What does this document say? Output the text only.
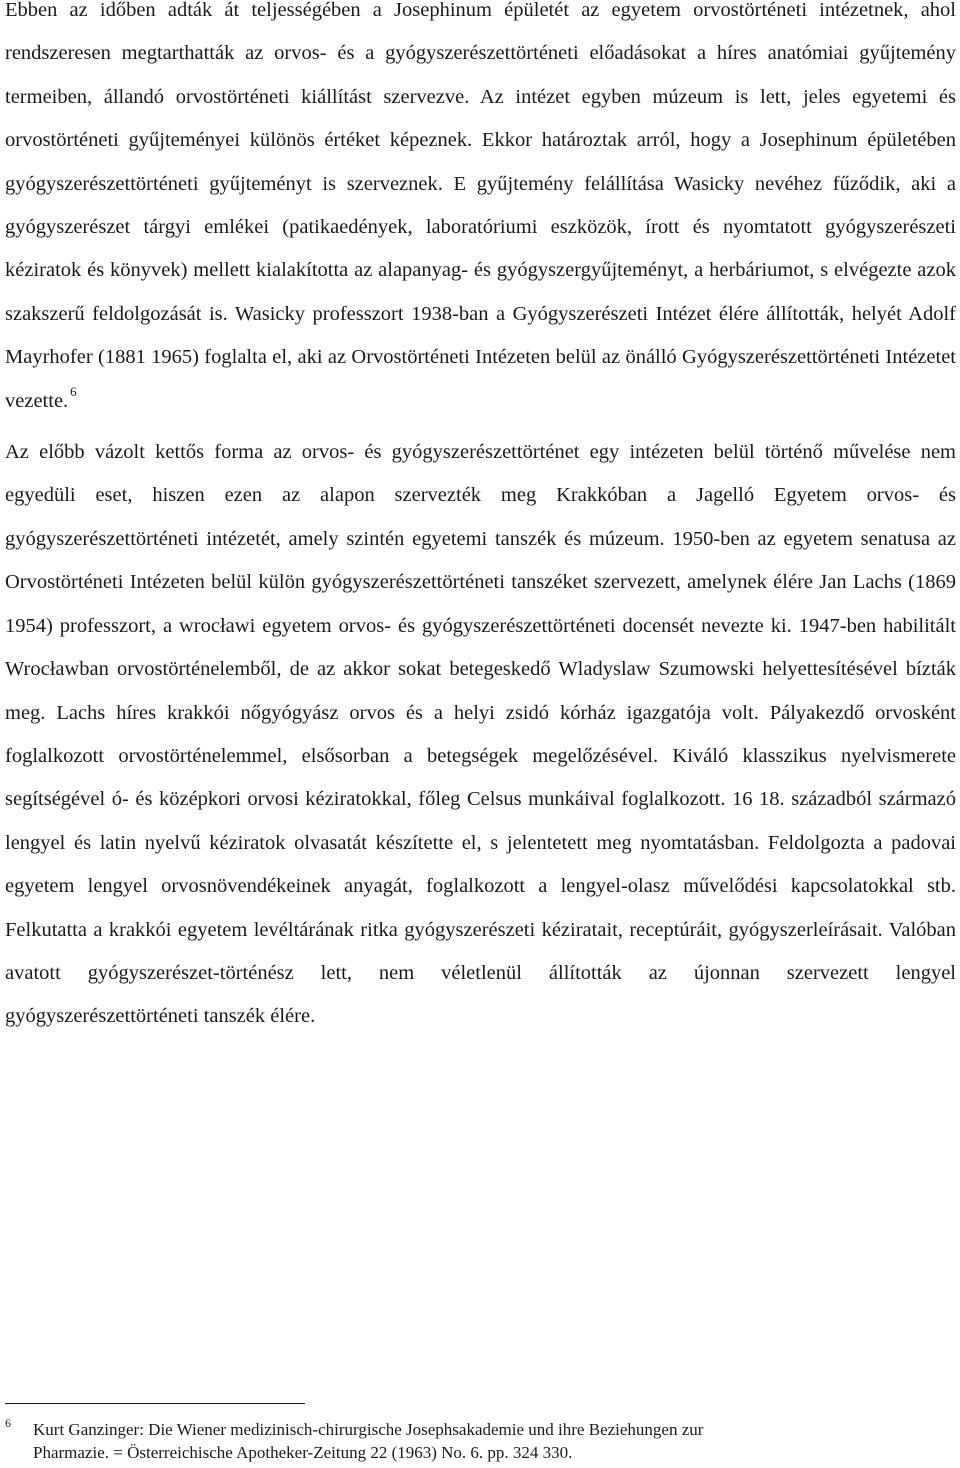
Ebben az időben adták át teljességében a Josephinum épületét az egyetem orvostörténeti intézetnek, ahol rendszeresen megtarthatták az orvos- és a gyógyszerészettörténeti előadásokat a híres anatómiai gyűjtemény termeiben, állandó orvostörténeti kiállítást szervezve. Az intézet egyben múzeum is lett, jeles egyetemi és orvostörténeti gyűjteményei különös értéket képeznek. Ekkor határoztak arról, hogy a Josephinum épületében gyógyszerészettörténeti gyűjteményt is szerveznek. E gyűjtemény felállítása Wasicky nevéhez fűződik, aki a gyógyszerészet tárgyi emlékei (patikaedények, laboratóriumi eszközök, írott és nyomtatott gyógyszerészeti kéziratok és könyvek) mellett kialakította az alapanyag- és gyógyszergyűjteményt, a herbáriumot, s elvégezte azok szakszerű feldolgozását is. Wasicky professzort 1938-ban a Gyógyszerészeti Intézet élére állították, helyét Adolf Mayrhofer (1881 1965) foglalta el, aki az Orvostörténeti Intézeten belül az önálló Gyógyszerészettörténeti Intézetet vezette. $^6$

Az előbb vázolt kettős forma az orvos- és gyógyszerészettörténet egy intézeten belül történő művelése nem egyedüli eset, hiszen ezen az alapon szervezték meg Krakkóban a Jagelló Egyetem orvos- és gyógyszerészettörténeti intézetét, amely szintén egyetemi tanszék és múzeum. 1950-ben az egyetem senatusa az Orvostörténeti Intézeten belül külön gyógyszerészettörténeti tanszéket szervezett, amelynek élére Jan Lachs (1869 1954) professzort, a wrocławi egyetem orvos- és gyógyszerészettörténeti docensét nevezte ki. 1947-ben habilitált Wrocławban orvostörténelemből, de az akkor sokat betegeskedő Wladyslaw Szumowski helyettesítésével bízták meg. Lachs híres krakkói nőgyógyász orvos és a helyi zsidó kórház igazgatója volt. Pályakezdő orvosként foglalkozott orvostörténelemmel, elsősorban a betegségek megelőzésével. Kiváló klasszikus nyelvismerete segítségével ó- és középkori orvosi kéziratokkal, főleg Celsus munkáival foglalkozott. 16 18. századból származó lengyel és latin nyelvű kéziratok olvasatát készítette el, s jelentetett meg nyomtatásban. Feldolgozta a padovai egyetem lengyel orvosnövendékeinek anyagát, foglalkozott a lengyel-olasz művelődési kapcsolatokkal stb. Felkutatta a krakkói egyetem levéltárának ritka gyógyszerészeti kéziratait, receptúráit, gyógyszerleírásait. Valóban avatott gyógyszerészet-történész lett, nem véletlenül állították az újonnan szervezett lengyel gyógyszerészettörténeti tanszék élére.

6	Kurt Ganzinger: Die Wiener medizinisch-chirurgische Josephsakademie und ihre Beziehungen zur
Pharmazie. = Österreichische Apotheker-Zeitung 22 (1963) No. 6. pp. 324 330.
